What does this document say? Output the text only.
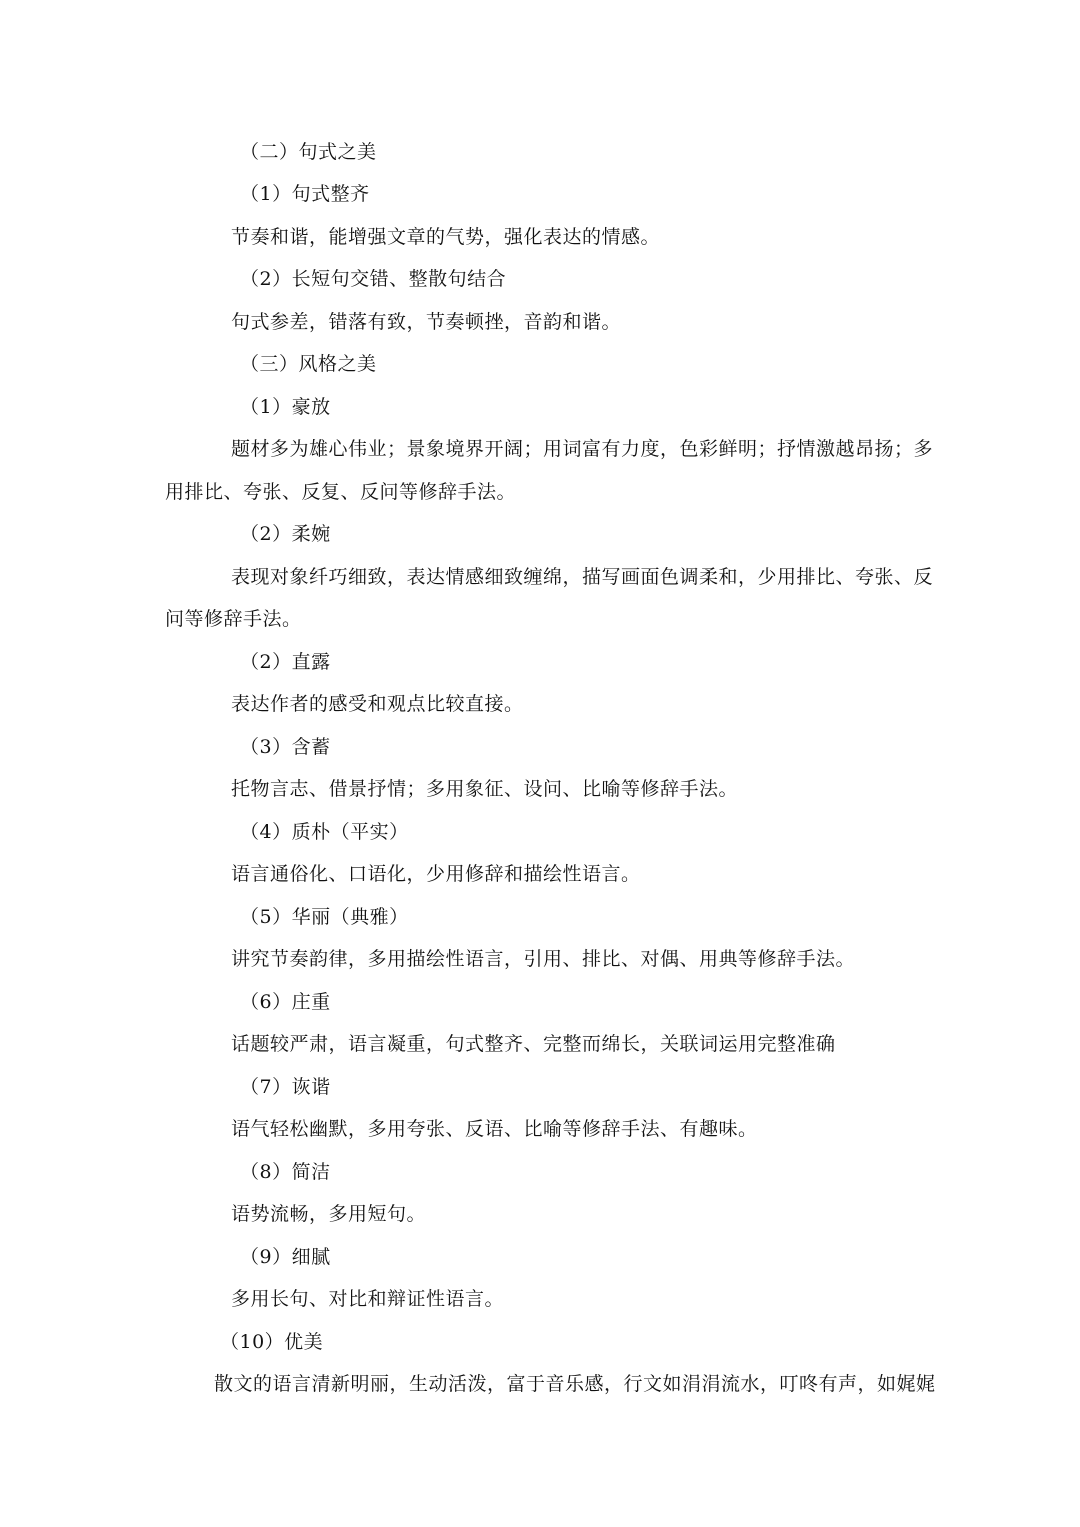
（二）句式之美

（1）句式整齐

节奏和谐，能增强文章的气势，强化表达的情感。

（2）长短句交错、整散句结合

句式参差，错落有致，节奏顿挫，音韵和谐。

（三）风格之美

（1）豪放

题材多为雄心伟业；景象境界开阔；用词富有力度，色彩鲜明；抒情激越昂扬；多

用排比、夸张、反复、反问等修辞手法。

（2）柔婉

表现对象纤巧细致，表达情感细致缠绵，描写画面色调柔和，少用排比、夸张、反

问等修辞手法。

（2）直露

表达作者的感受和观点比较直接。

（3）含蓄

托物言志、借景抒情；多用象征、设问、比喻等修辞手法。

（4）质朴（平实）

语言通俗化、口语化，少用修辞和描绘性语言。

（5）华丽（典雅）

讲究节奏韵律，多用描绘性语言，引用、排比、对偶、用典等修辞手法。

（6）庄重

话题较严肃，语言凝重，句式整齐、完整而绵长，关联词运用完整准确

（7）诙谐

语气轻松幽默，多用夸张、反语、比喻等修辞手法、有趣味。

（8）简洁

语势流畅，多用短句。

（9）细腻

多用长句、对比和辩证性语言。

（10）优美

散文的语言清新明丽，生动活泼，富于音乐感，行文如涓涓流水，叮咚有声，如娓娓
